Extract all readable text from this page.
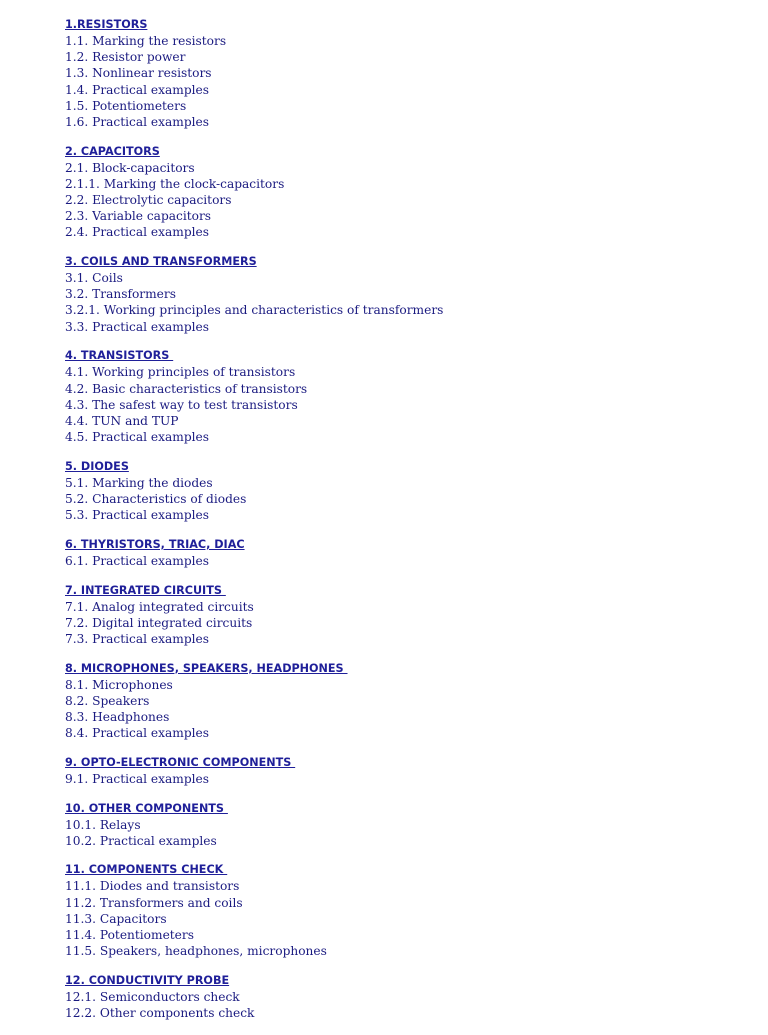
1.RESISTORS
1.1. Marking the resistors
1.2. Resistor power
1.3. Nonlinear resistors
1.4. Practical examples
1.5. Potentiometers
1.6. Practical examples
2. CAPACITORS
2.1. Block-capacitors
2.1.1. Marking the clock-capacitors
2.2. Electrolytic capacitors
2.3. Variable capacitors
2.4. Practical examples
3. COILS AND TRANSFORMERS
3.1. Coils
3.2. Transformers
3.2.1. Working principles and characteristics of transformers
3.3. Practical examples
4. TRANSISTORS
4.1. Working principles of transistors
4.2. Basic characteristics of transistors
4.3. The safest way to test transistors
4.4. TUN and TUP
4.5. Practical examples
5. DIODES
5.1. Marking the diodes
5.2. Characteristics of diodes
5.3. Practical examples
6. THYRISTORS, TRIAC, DIAC
6.1. Practical examples
7. INTEGRATED CIRCUITS
7.1. Analog integrated circuits
7.2. Digital integrated circuits
7.3. Practical examples
8. MICROPHONES, SPEAKERS, HEADPHONES
8.1. Microphones
8.2. Speakers
8.3. Headphones
8.4. Practical examples
9. OPTO-ELECTRONIC COMPONENTS
9.1. Practical examples
10. OTHER COMPONENTS
10.1. Relays
10.2. Practical examples
11. COMPONENTS CHECK
11.1. Diodes and transistors
11.2. Transformers and coils
11.3. Capacitors
11.4. Potentiometers
11.5. Speakers, headphones, microphones
12. CONDUCTIVITY PROBE
12.1. Semiconductors check
12.2. Other components check
